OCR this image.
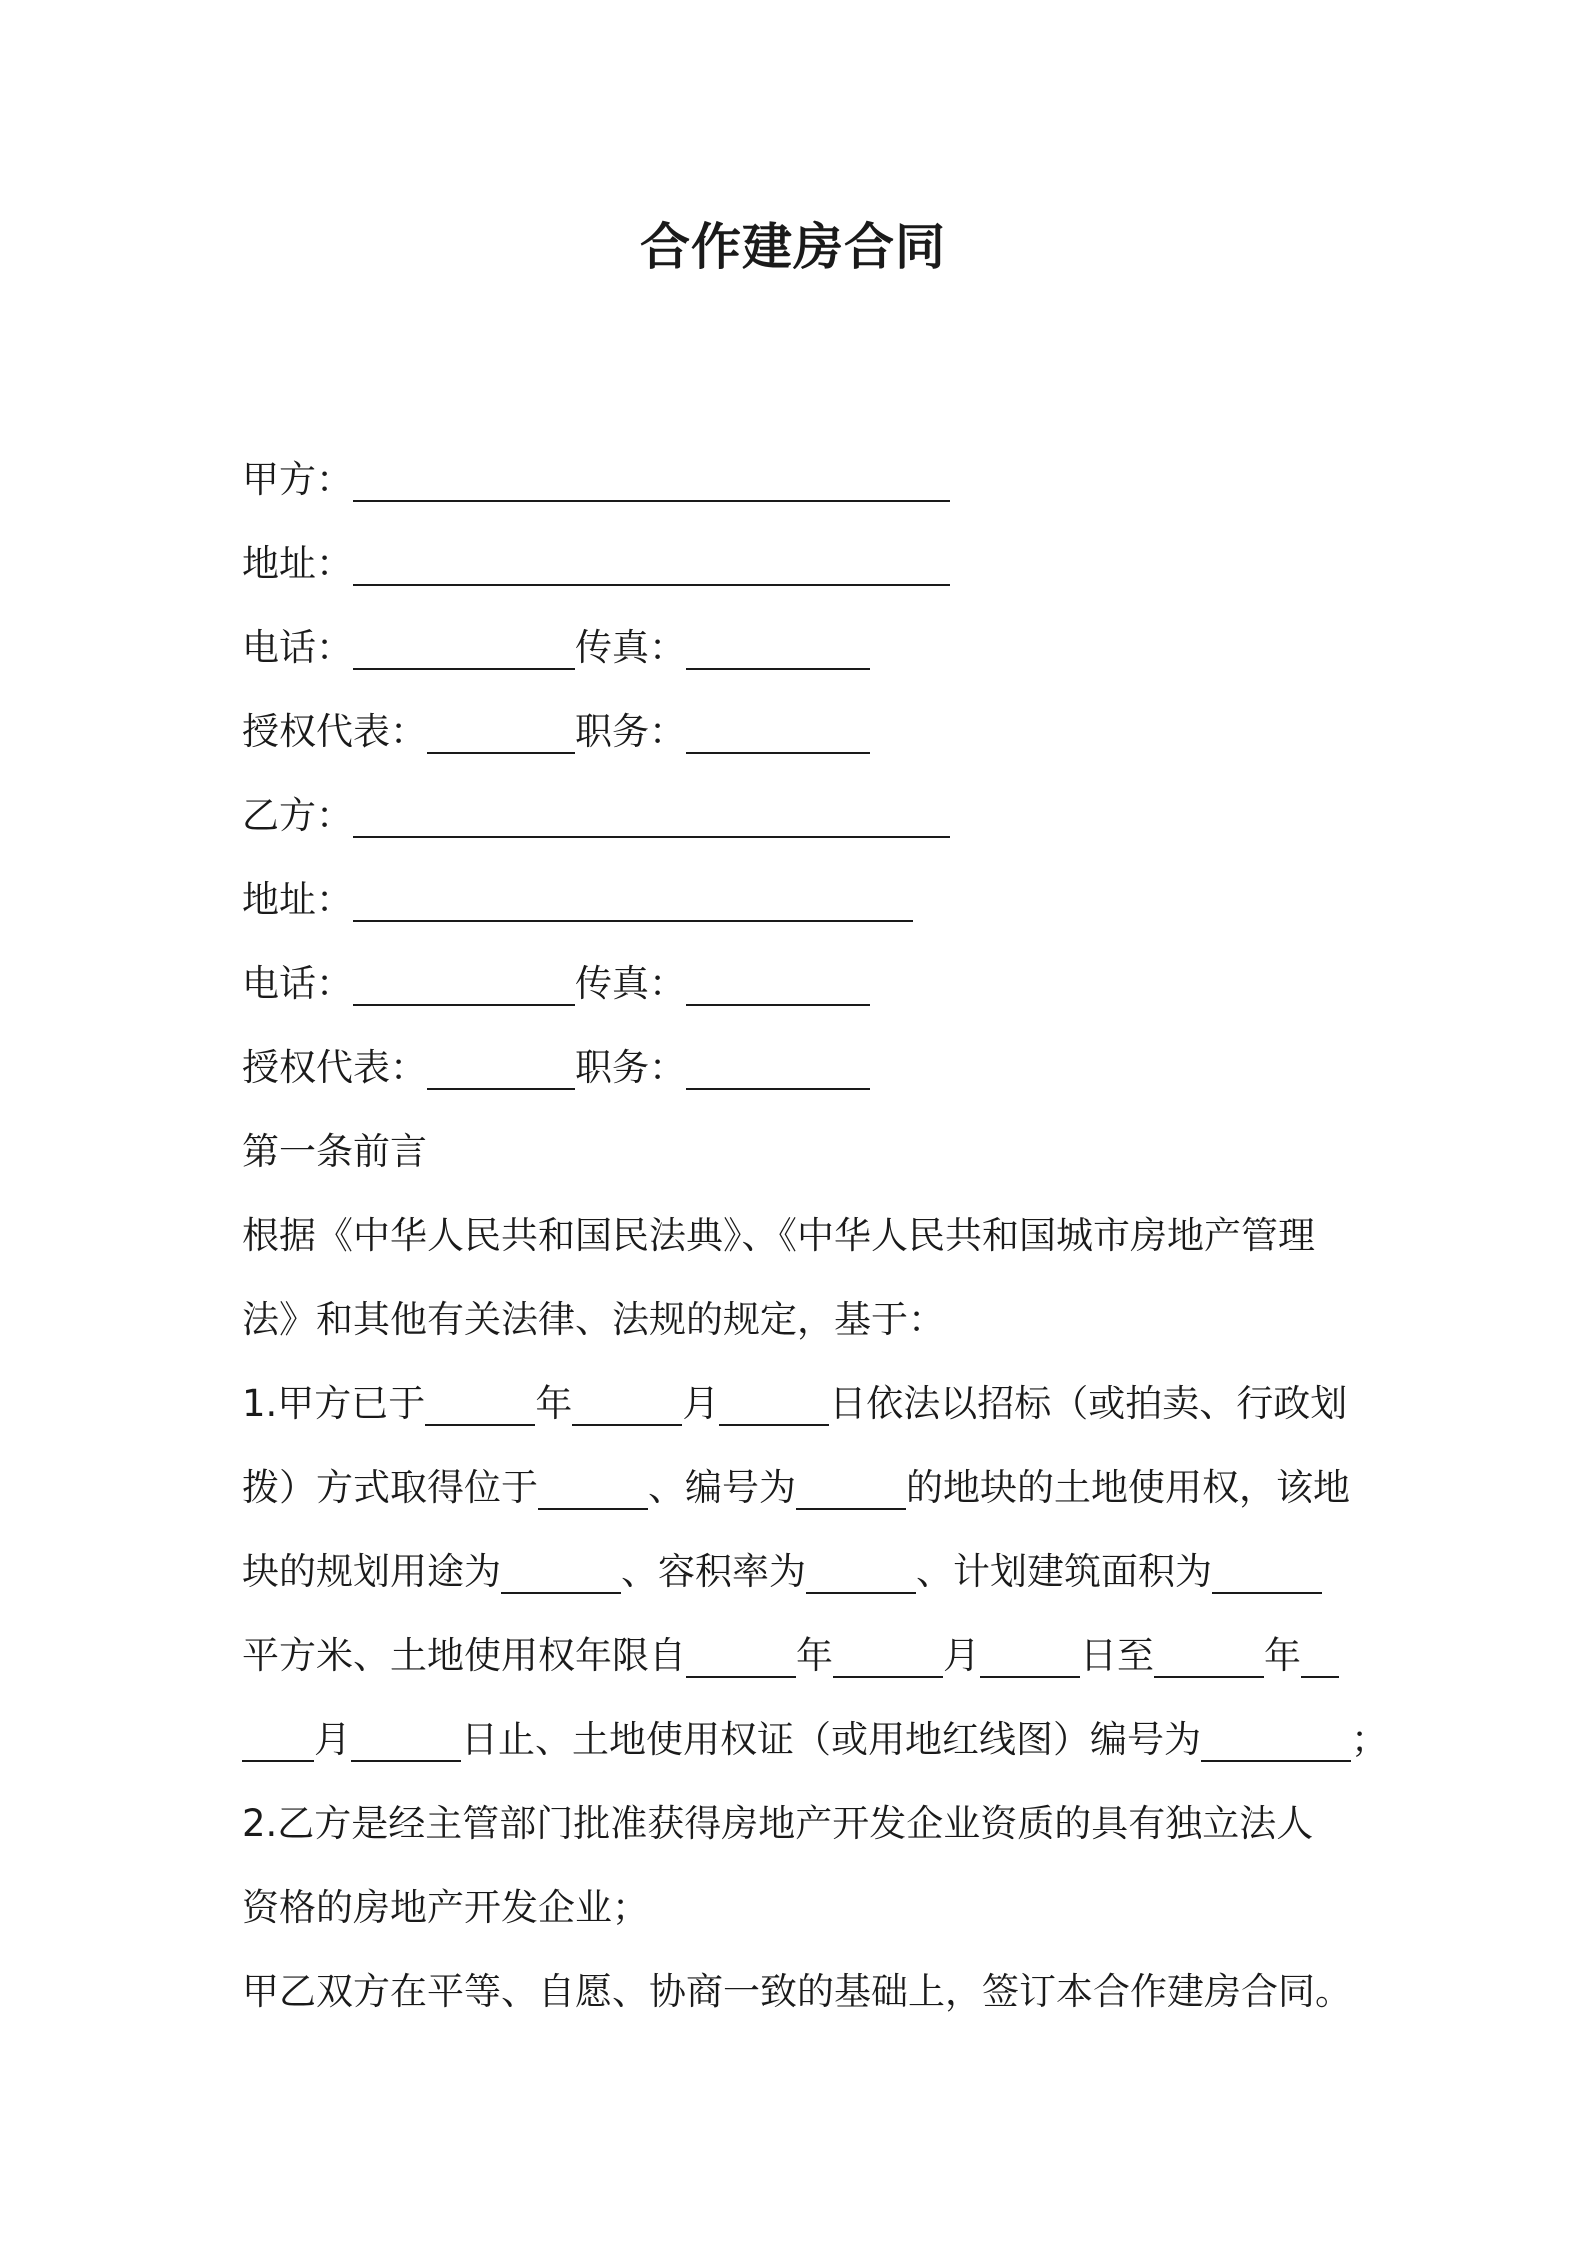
合作建房合同
甲方：
地址：
电话：	传真：
授权代表：	职务：
乙方：
地址：
电话：	传真：
授权代表：	职务：
第一条前言
根据《中华人民共和国民法典》、《中华人民共和国城市房地产管理
法》和其他有关法律、法规的规定，基于：
1.甲方已于	年	月	日依法以招标（或拍卖、行政划
拨）方式取得位于	、编号为	的地块的土地使用权，该地
块的规划用途为	、容积率为	、计划建筑面积为
平方米、土地使用权年限自	年	月	日至	年
月	日止、土地使用权证（或用地红线图）编号为	；
2.乙方是经主管部门批准获得房地产开发企业资质的具有独立法人
资格的房地产开发企业；
甲乙双方在平等、自愿、协商一致的基础上，签订本合作建房合同。
